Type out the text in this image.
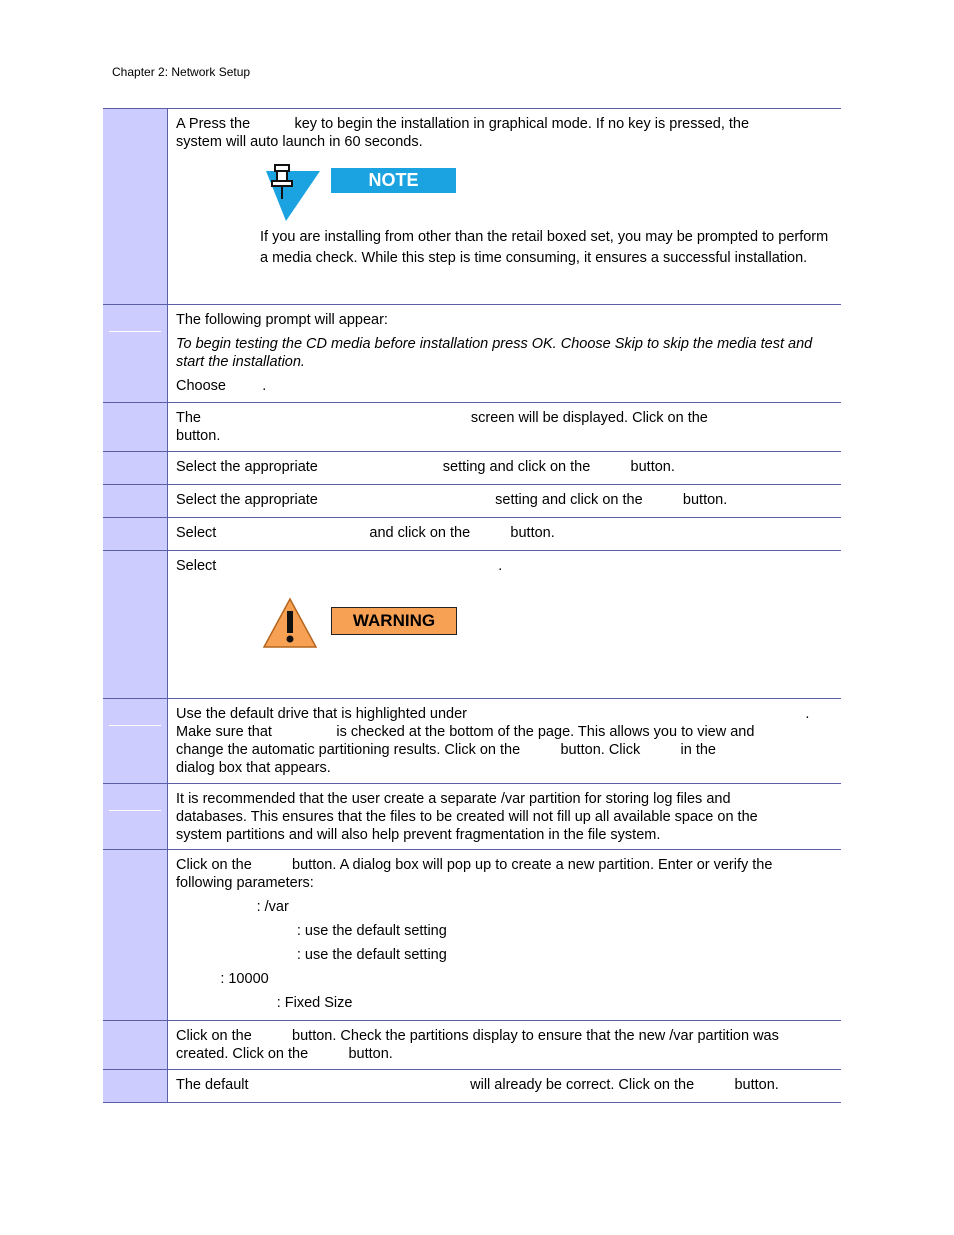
Chapter 2: Network Setup

A Press the           key to begin the installation in graphical mode. If no key is pressed, the

system will auto launch in 60 seconds.

NOTE
If you are installing from other than the retail boxed set, you may be prompted to perform a media check. While this step is time consuming, it ensures a successful installation.

The following prompt will appear:

To begin testing the CD media before installation press OK. Choose Skip to skip the media test and start the installation.

Choose         .

The                                                                   screen will be displayed. Click on the

button.

Select the appropriate                               setting and click on the          button.

Select the appropriate                                            setting and click on the          button.

Select                                      and click on the          button.

Select                                                                      .

WARNING

Use the default drive that is highlighted under                                                                                    .

Make sure that                is checked at the bottom of the page. This allows you to view and

change the automatic partitioning results. Click on the          button. Click          in the

dialog box that appears.

It is recommended that the user create a separate /var partition for storing log files and

databases. This ensures that the files to be created will not fill up all available space on the

system partitions and will also help prevent fragmentation in the file system.

Click on the          button. A dialog box will pop up to create a new partition. Enter or verify the

following parameters:

: /var

: use the default setting

: use the default setting

: 10000

: Fixed Size

Click on the          button. Check the partitions display to ensure that the new /var partition was

created. Click on the          button.

The default                                                       will already be correct. Click on the          button.
